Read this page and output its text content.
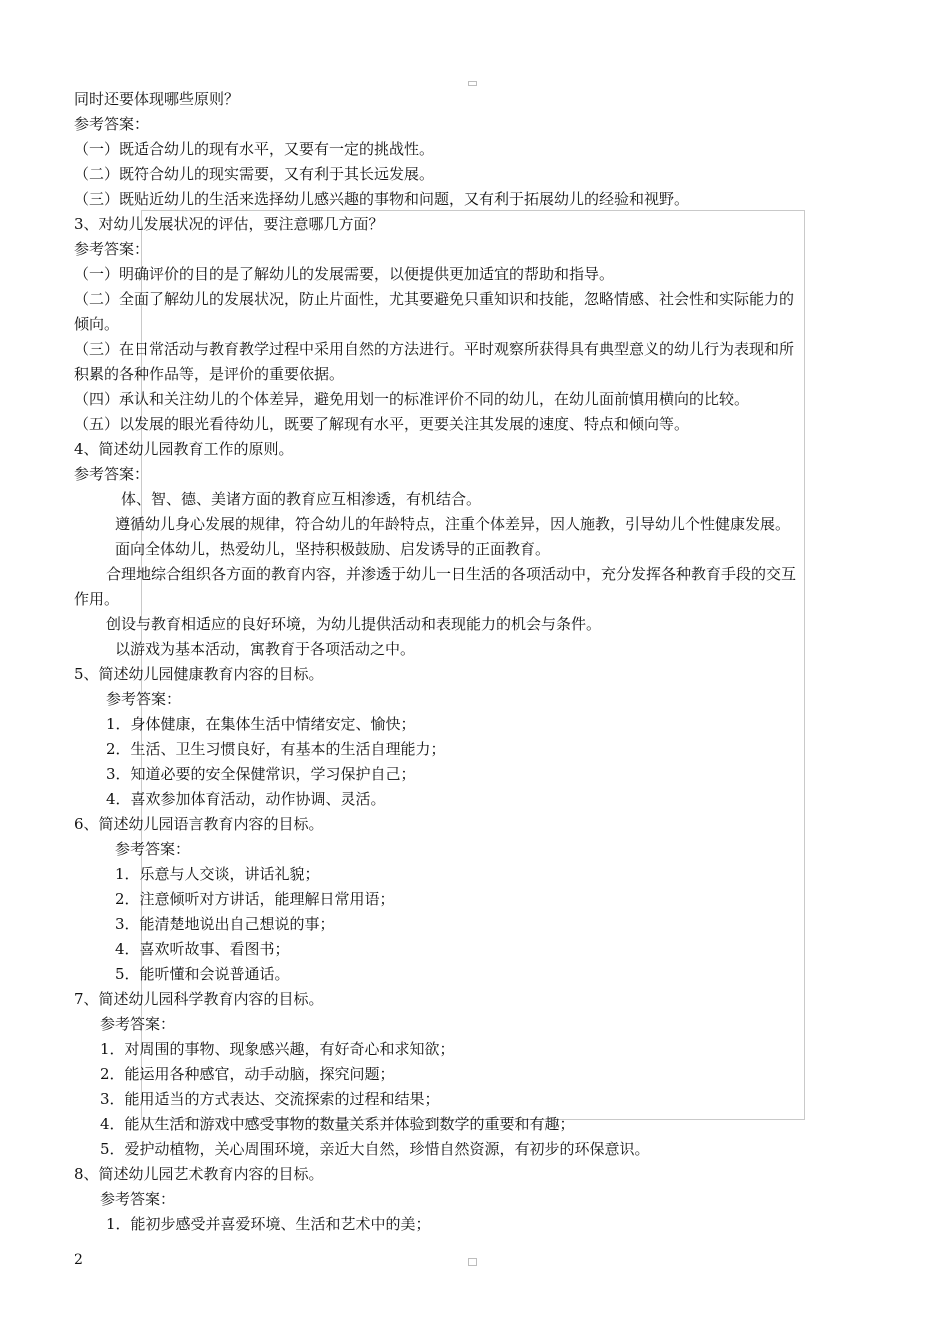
同时还要体现哪些原则？
参考答案：
（一）既适合幼儿的现有水平，又要有一定的挑战性。
（二）既符合幼儿的现实需要，又有利于其长远发展。
（三）既贴近幼儿的生活来选择幼儿感兴趣的事物和问题，又有利于拓展幼儿的经验和视野。
3、对幼儿发展状况的评估，要注意哪几方面？
参考答案：
（一）明确评价的目的是了解幼儿的发展需要，以便提供更加适宜的帮助和指导。
（二）全面了解幼儿的发展状况，防止片面性，尤其要避免只重知识和技能，忽略情感、社会性和实际能力的
倾向。
（三）在日常活动与教育教学过程中采用自然的方法进行。平时观察所获得具有典型意义的幼儿行为表现和所
积累的各种作品等，是评价的重要依据。
（四）承认和关注幼儿的个体差异，避免用划一的标准评价不同的幼儿，在幼儿面前慎用横向的比较。
（五）以发展的眼光看待幼儿，既要了解现有水平，更要关注其发展的速度、特点和倾向等。
4、简述幼儿园教育工作的原则。
参考答案：
体、智、德、美诸方面的教育应互相渗透，有机结合。
遵循幼儿身心发展的规律，符合幼儿的年龄特点，注重个体差异，因人施教，引导幼儿个性健康发展。
面向全体幼儿，热爱幼儿，坚持积极鼓励、启发诱导的正面教育。
合理地综合组织各方面的教育内容，并渗透于幼儿一日生活的各项活动中，充分发挥各种教育手段的交互
作用。
创设与教育相适应的良好环境，为幼儿提供活动和表现能力的机会与条件。
以游戏为基本活动，寓教育于各项活动之中。
5、简述幼儿园健康教育内容的目标。
参考答案：
1．身体健康，在集体生活中情绪安定、愉快；
2．生活、卫生习惯良好，有基本的生活自理能力；
3．知道必要的安全保健常识，学习保护自己；
4．喜欢参加体育活动，动作协调、灵活。
6、简述幼儿园语言教育内容的目标。
参考答案：
1．乐意与人交谈，讲话礼貌；
2．注意倾听对方讲话，能理解日常用语；
3．能清楚地说出自己想说的事；
4．喜欢听故事、看图书；
5．能听懂和会说普通话。
7、简述幼儿园科学教育内容的目标。
参考答案：
1．对周围的事物、现象感兴趣，有好奇心和求知欲；
2．能运用各种感官，动手动脑，探究问题；
3．能用适当的方式表达、交流探索的过程和结果；
4．能从生活和游戏中感受事物的数量关系并体验到数学的重要和有趣；
5．爱护动植物，关心周围环境，亲近大自然，珍惜自然资源，有初步的环保意识。
8、简述幼儿园艺术教育内容的目标。
参考答案：
1．能初步感受并喜爱环境、生活和艺术中的美；
2
